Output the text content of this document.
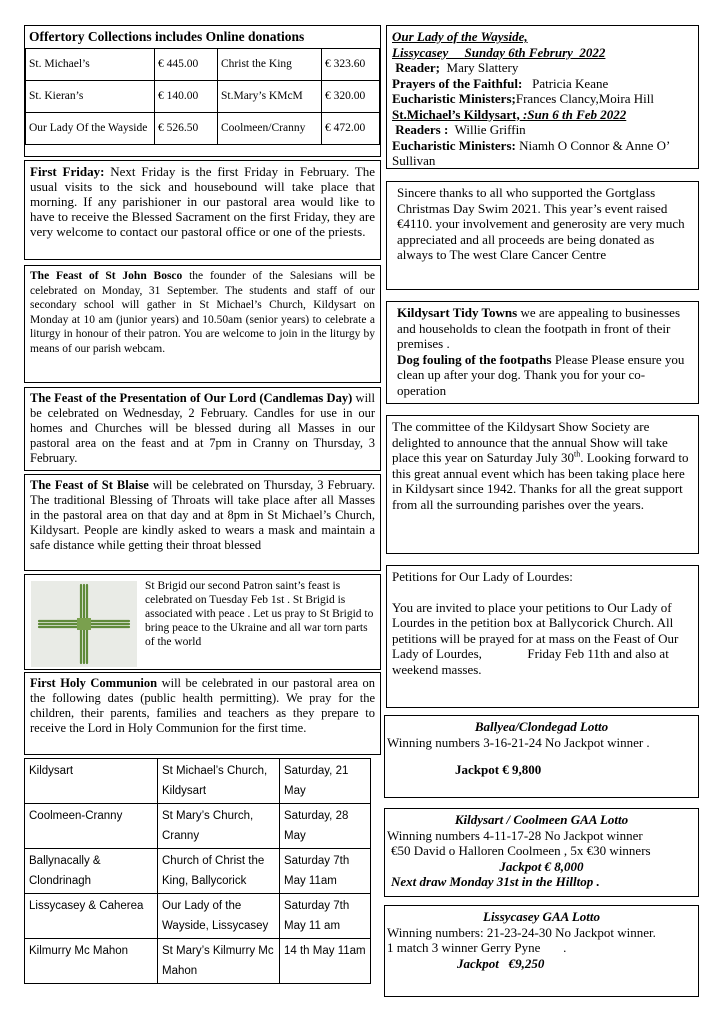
Offertory Collections includes Online donations
St. Michael’s	€ 445.00	Christ the King	€ 323.60
St. Kieran’s	€ 140.00	St.Mary’s KMcM	€ 320.00
Our Lady Of the Wayside	€ 526.50	Coolmeen/Cranny	€ 472.00
First Friday: Next Friday is the first Friday in February. The usual visits to the sick and housebound will take place that morning. If any parishioner in our pastoral area would like to have to receive the Blessed Sacrament on the first Friday, they are very welcome to contact our pastoral office or one of the priests.
The Feast of St John Bosco the founder of the Salesians will be celebrated on Monday, 31 September. The students and staff of our secondary school will gather in St Michael’s Church, Kildysart on Monday at 10 am (junior years) and 10.50am (senior years) to celebrate a liturgy in honour of their patron. You are welcome to join in the liturgy by means of our parish webcam.
The Feast of the Presentation of Our Lord (Candlemas Day) will be celebrated on Wednesday, 2 February. Candles for use in our homes and Churches will be blessed during all Masses in our pastoral area on the feast and at 7pm in Cranny on Thursday, 3 February.
The Feast of St Blaise will be celebrated on Thursday, 3 February. The traditional Blessing of Throats will take place after all Masses in the pastoral area on that day and at 8pm in St Michael’s Church, Kildysart. People are kindly asked to wears a mask and maintain a safe distance while getting their throat blessed
St Brigid our second Patron saint’s feast is celebrated on Tuesday Feb 1st . St Brigid is associated with peace . Let us pray to St Brigid to bring peace to the Ukraine and all war torn parts of the world
First Holy Communion will be celebrated in our pastoral area on the following dates (public health permitting). We pray for the children, their parents, families and teachers as they prepare to receive the Lord in Holy Communion for the first time.
Kildysart	St Michael’s Church, Kildysart	Saturday, 21 May
Coolmeen-Cranny	St Mary’s Church, Cranny	Saturday, 28 May
Ballynacally & Clondrinagh	Church of Christ the King, Ballycorick	Saturday 7th May 11am
Lissycasey & Caherea	Our Lady of the Wayside, Lissycasey	Saturday 7th May 11 am
Kilmurry Mc Mahon	St Mary’s Kilmurry Mc Mahon	14 th May 11am
Our Lady of the Wayside,
Lissycasey     Sunday 6th Februry  2022
Reader;  Mary Slattery
Prayers of the Faithful:   Patricia Keane
Eucharistic Ministers;Frances Clancy,Moira Hill
St.Michael’s Kildysart, :Sun 6 th Feb 2022
Readers :  Willie Griffin
Eucharistic Ministers: Niamh O Connor & Anne O’ Sullivan
Sincere thanks to all who supported the Gortglass Christmas Day Swim 2021. This year’s event raised €4110. your involvement and generosity are very much appreciated and all proceeds are being donated as always to The west Clare Cancer Centre
Kildysart Tidy Towns we are appealing to businesses and households to clean the footpath in front of their premises .
Dog fouling of the footpaths Please Please ensure you clean up after your dog. Thank you for your co-operation
The committee of the Kildysart Show Society are delighted to announce that the annual Show will take place this year on Saturday July 30th. Looking forward to this great annual event which has been taking place here in Kildysart since 1942. Thanks for all the great support from all the surrounding parishes over the years.
Petitions for Our Lady of Lourdes:
You are invited to place your petitions to Our Lady of Lourdes in the petition box at Ballycorick Church. All petitions will be prayed for at mass on the Feast of Our Lady of Lourdes,              Friday Feb 11th and also at weekend masses.

Ballyea/Clondegad Lotto

Winning numbers 3-16-21-24 No Jackpot winner .

Jackpot € 9,800

Kildysart / Coolmeen GAA Lotto

Winning numbers 4-11-17-28 No Jackpot winner

€50 David o Halloren Coolmeen , 5x €30 winners

Jackpot € 8,000

Next draw Monday 31st in the Hilltop .

Lissycasey GAA Lotto

Winning numbers: 21-23-24-30 No Jackpot winner.

1 match 3 winner Gerry Pyne       .

Jackpot   €9,250
